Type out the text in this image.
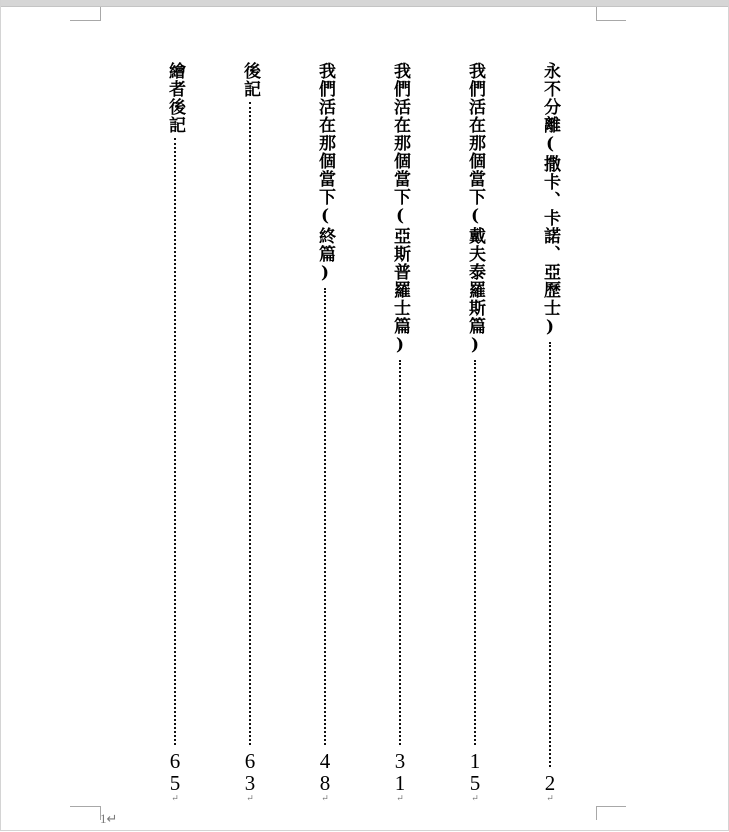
永不分離(撒卡、卡諾、亞歷士)
2
↵
我們活在那個當下(戴夫泰羅斯篇)
15
↵
我們活在那個當下(亞斯普羅士篇)
31
↵
我們活在那個當下(終篇)
48
↵
後記
63
↵
繪者後記
65
↵
1↵
